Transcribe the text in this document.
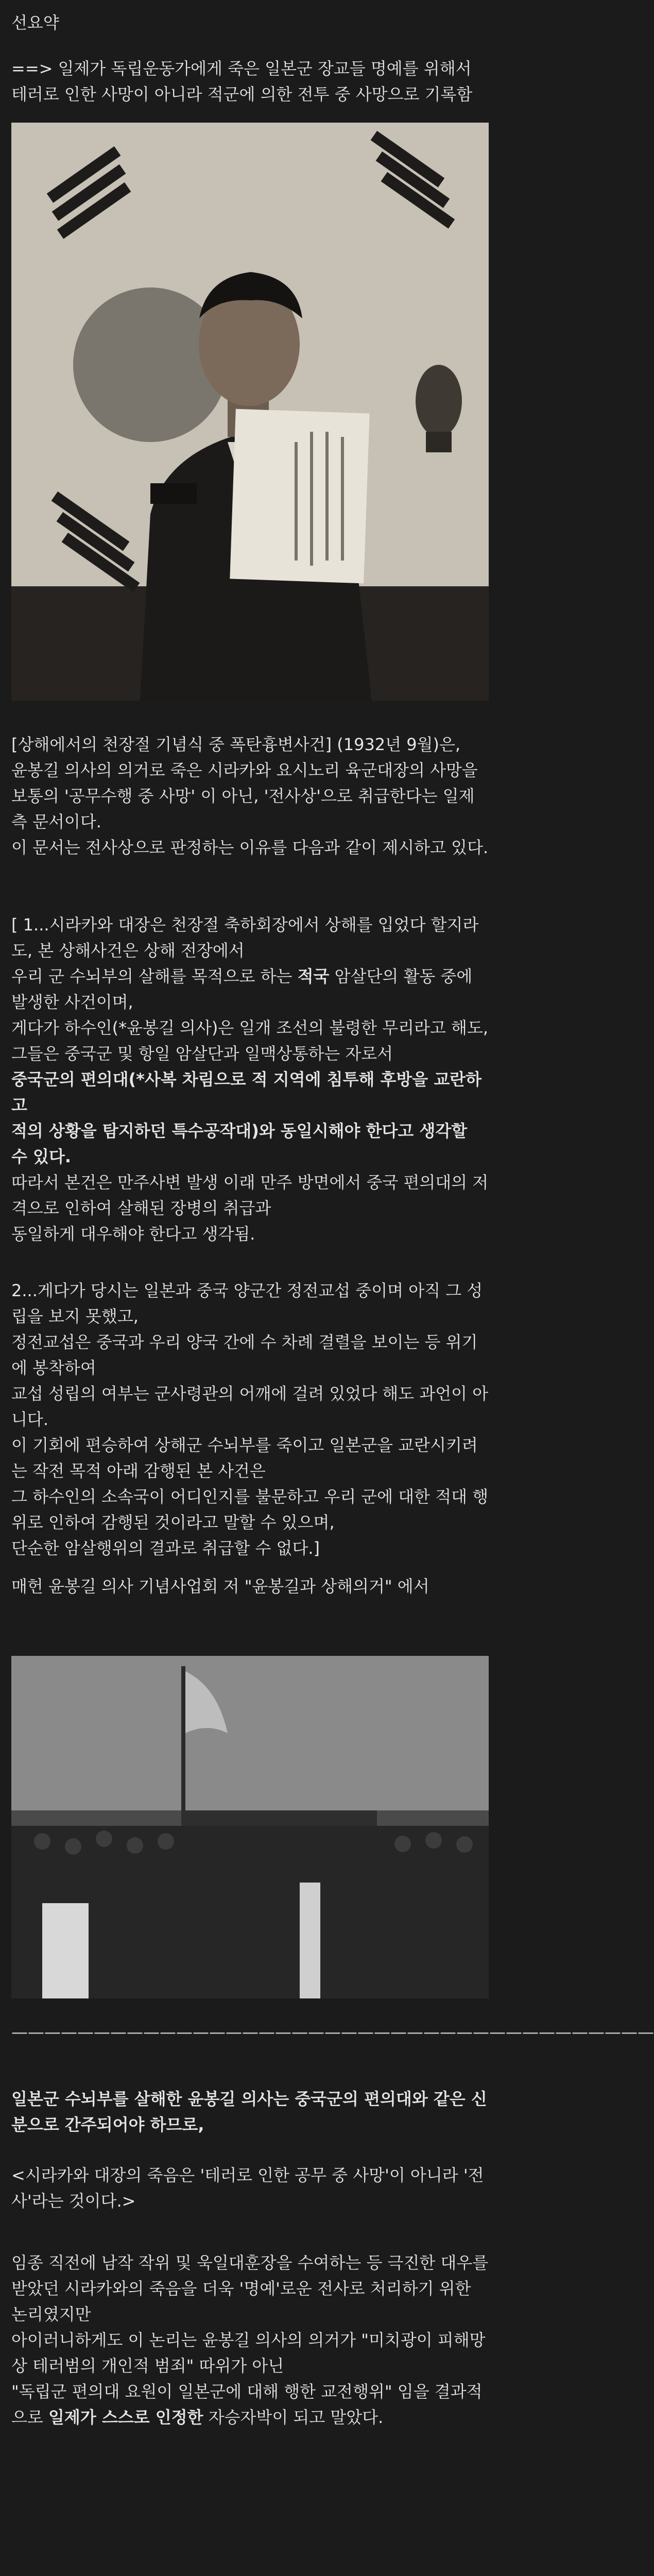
선요약

==> 일제가 독립운동가에게 죽은 일본군 장교들 명예를 위해서

테러로 인한 사망이 아니라 적군에 의한 전투 중 사망으로 기록함

[상해에서의 천장절 기념식 중 폭탄흉변사건] (1932년 9월)은,

윤봉길 의사의 의거로 죽은 시라카와 요시노리 육군대장의 사망을

보통의 '공무수행 중 사망' 이 아닌, '전사상'으로 취급한다는 일제 측 문서이다.

이 문서는 전사상으로 판정하는 이유를 다음과 같이 제시하고 있다.

[ 1...시라카와 대장은 천장절 축하회장에서 상해를 입었다 할지라도, 본 상해사건은 상해 전장에서

우리 군 수뇌부의 살해를 목적으로 하는 적국 암살단의 활동 중에 발생한 사건이며,

게다가 하수인(*윤봉길 의사)은 일개 조선의 불령한 무리라고 해도, 그들은 중국군 및 항일 암살단과 일맥상통하는 자로서

중국군의 편의대(*사복 차림으로 적 지역에 침투해 후방을 교란하고

적의 상황을 탐지하던 특수공작대)와 동일시해야 한다고 생각할 수 있다.

따라서 본건은 만주사변 발생 이래 만주 방면에서 중국 편의대의 저격으로 인하여 살해된 장병의 취급과

동일하게 대우해야 한다고 생각됨.

2...게다가 당시는 일본과 중국 양군간 정전교섭 중이며 아직 그 성립을 보지 못했고,

정전교섭은 중국과 우리 양국 간에 수 차례 결렬을 보이는 등 위기에 봉착하여

교섭 성립의 여부는 군사령관의 어깨에 걸려 있었다 해도 과언이 아니다.

이 기회에 편승하여 상해군 수뇌부를 죽이고 일본군을 교란시키려는 작전 목적 아래 감행된 본 사건은

그 하수인의 소속국이 어디인지를 불문하고 우리 군에 대한 적대 행위로 인하여 감행된 것이라고 말할 수 있으며,

단순한 암살행위의 결과로 취급할 수 없다.]

매헌 윤봉길 의사 기념사업회 저 "윤봉길과 상해의거" 에서

———————————————————————————————————————

일본군 수뇌부를 살해한 윤봉길 의사는 중국군의 편의대와 같은 신분으로 간주되어야 하므로,

<시라카와 대장의 죽음은 '테러로 인한 공무 중 사망'이 아니라 '전사'라는 것이다.>

임종 직전에 남작 작위 및 욱일대훈장을 수여하는 등 극진한 대우를 받았던 시라카와의 죽음을 더욱 '명예'로운 전사로 처리하기 위한 논리였지만

아이러니하게도 이 논리는 윤봉길 의사의 의거가 "미치광이 피해망상 테러범의 개인적 범죄" 따위가 아닌

"독립군 편의대 요원이 일본군에 대해 행한 교전행위" 임을 결과적으로 일제가 스스로 인정한 자승자박이 되고 말았다.
